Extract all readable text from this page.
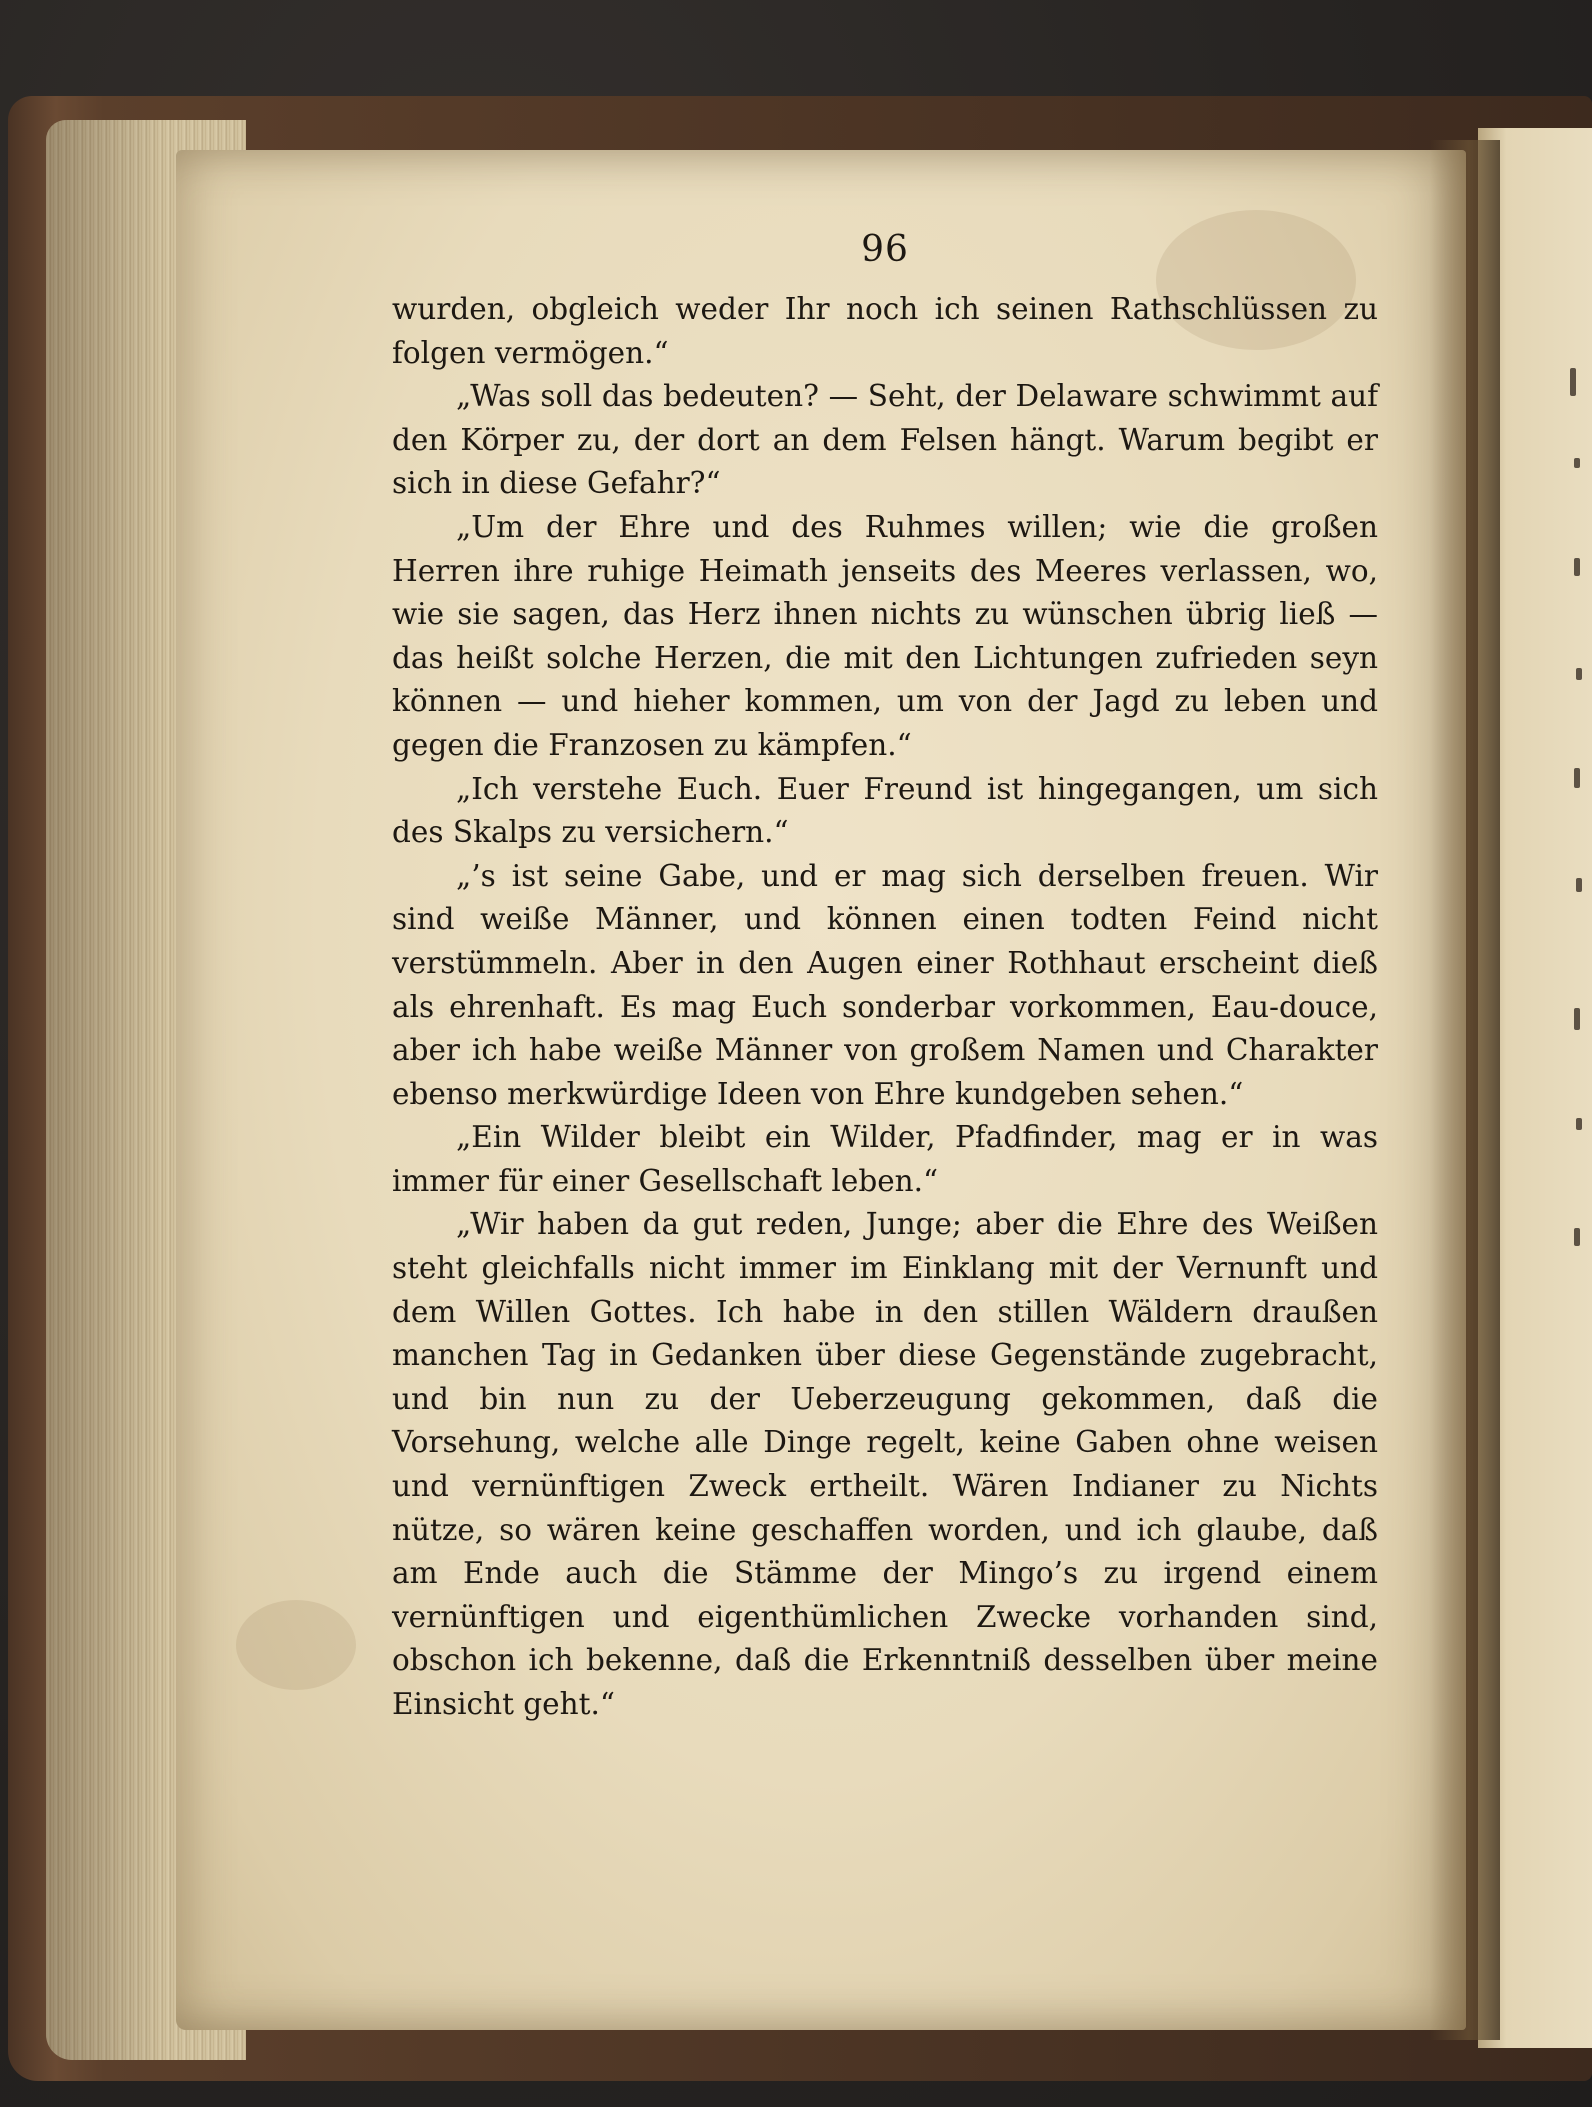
96

wurden, obgleich weder Ihr noch ich seinen Rathschlüssen zu folgen vermögen.“

„Was soll das bedeuten? — Seht, der Delaware schwimmt auf den Körper zu, der dort an dem Felsen hängt. Warum begibt er sich in diese Gefahr?“

„Um der Ehre und des Ruhmes willen; wie die großen Herren ihre ruhige Heimath jenseits des Meeres verlassen, wo, wie sie sagen, das Herz ihnen nichts zu wünschen übrig ließ — das heißt solche Herzen, die mit den Lichtungen zufrieden seyn können — und hieher kommen, um von der Jagd zu leben und gegen die Franzosen zu kämpfen.“

„Ich verstehe Euch. Euer Freund ist hingegangen, um sich des Skalps zu versichern.“

„’s ist seine Gabe, und er mag sich derselben freuen. Wir sind weiße Männer, und können einen todten Feind nicht verstümmeln. Aber in den Augen einer Rothhaut erscheint dieß als ehrenhaft. Es mag Euch sonderbar vorkommen, Eau-douce, aber ich habe weiße Männer von großem Namen und Charakter ebenso merkwürdige Ideen von Ehre kundgeben sehen.“

„Ein Wilder bleibt ein Wilder, Pfadfinder, mag er in was immer für einer Gesellschaft leben.“

„Wir haben da gut reden, Junge; aber die Ehre des Weißen steht gleichfalls nicht immer im Einklang mit der Vernunft und dem Willen Gottes. Ich habe in den stillen Wäldern draußen manchen Tag in Gedanken über diese Gegenstände zugebracht, und bin nun zu der Ueberzeugung gekommen, daß die Vorsehung, welche alle Dinge regelt, keine Gaben ohne weisen und vernünftigen Zweck ertheilt. Wären Indianer zu Nichts nütze, so wären keine geschaffen worden, und ich glaube, daß am Ende auch die Stämme der Mingo’s zu irgend einem vernünftigen und eigenthümlichen Zwecke vorhanden sind, obschon ich bekenne, daß die Erkenntniß desselben über meine Einsicht geht.“
